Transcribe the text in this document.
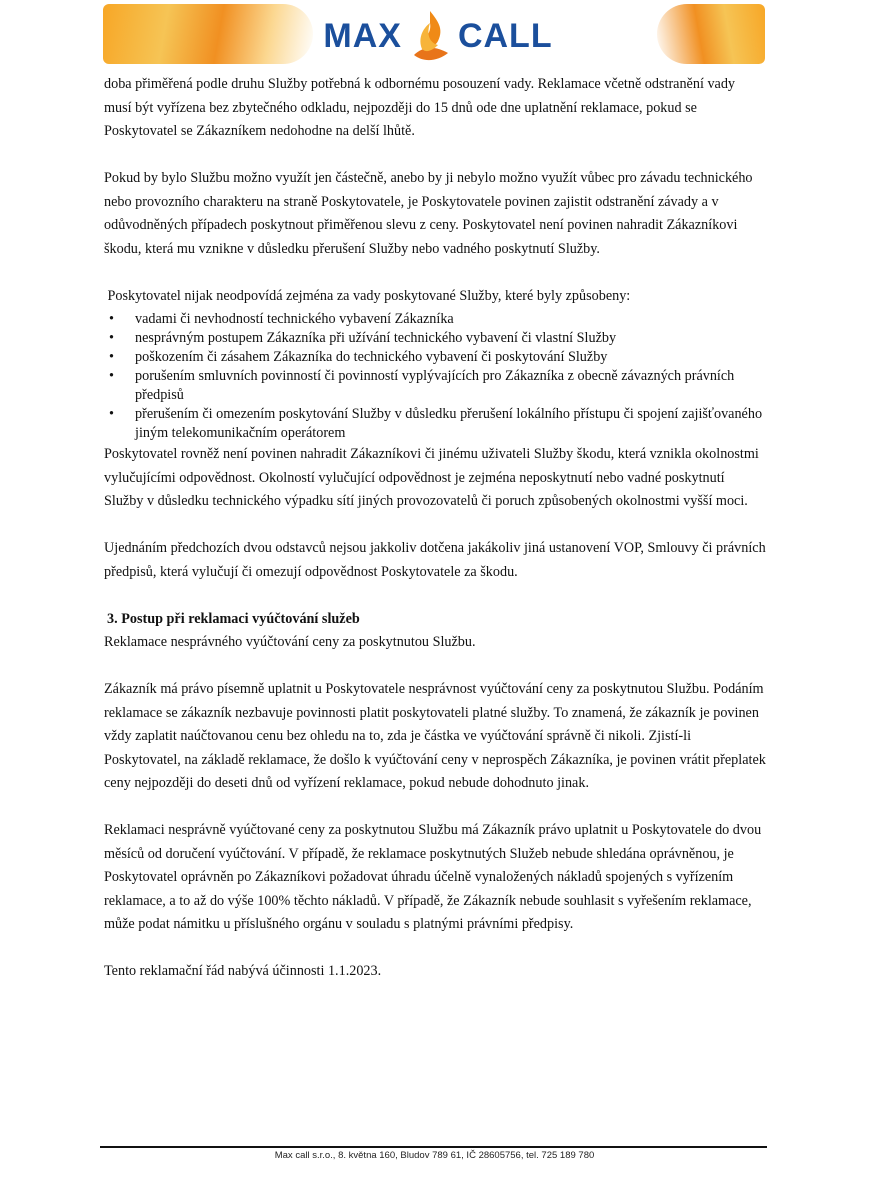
MAX CALL

doba přiměřená podle druhu Služby potřebná k odbornému posouzení vady. Reklamace včetně odstranění vady musí být vyřízena bez zbytečného odkladu, nejpozději do 15 dnů ode dne uplatnění reklamace, pokud se Poskytovatel se Zákazníkem nedohodne na delší lhůtě.

Pokud by bylo Službu možno využít jen částečně, anebo by ji nebylo možno využít vůbec pro závadu technického nebo provozního charakteru na straně Poskytovatele, je Poskytovatele povinen zajistit odstranění závady a v odůvodněných případech poskytnout přiměřenou slevu z ceny. Poskytovatel není povinen nahradit Zákazníkovi škodu, která mu vznikne v důsledku přerušení Služby nebo vadného poskytnutí Služby.

Poskytovatel nijak neodpovídá zejména za vady poskytované Služby, které byly způsobeny:

• vadami či nevhodností technického vybavení Zákazníka
• nesprávným postupem Zákazníka při užívání technického vybavení či vlastní Služby
• poškozením či zásahem Zákazníka do technického vybavení či poskytování Služby
• porušením smluvních povinností či povinností vyplývajících pro Zákazníka z obecně závazných právních předpisů
• přerušením či omezením poskytování Služby v důsledku přerušení lokálního přístupu či spojení zajišťovaného jiným telekomunikačním operátorem

Poskytovatel rovněž není povinen nahradit Zákazníkovi či jinému uživateli Služby škodu, která vznikla okolnostmi vylučujícími odpovědnost. Okolností vylučující odpovědnost je zejména neposkytnutí nebo vadné poskytnutí Služby v důsledku technického výpadku sítí jiných provozovatelů či poruch způsobených okolnostmi vyšší moci.

Ujednáním předchozích dvou odstavců nejsou jakkoliv dotčena jakákoliv jiná ustanovení VOP, Smlouvy či právních předpisů, která vylučují či omezují odpovědnost Poskytovatele za škodu.

3. Postup při reklamaci vyúčtování služeb

Reklamace nesprávného vyúčtování ceny za poskytnutou Službu.

Zákazník má právo písemně uplatnit u Poskytovatele nesprávnost vyúčtování ceny za poskytnutou Službu. Podáním reklamace se zákazník nezbavuje povinnosti platit poskytovateli platné služby. To znamená, že zákazník je povinen vždy zaplatit naúčtovanou cenu bez ohledu na to, zda je částka ve vyúčtování správně či nikoli. Zjistí-li Poskytovatel, na základě reklamace, že došlo k vyúčtování ceny v neprospěch Zákazníka, je povinen vrátit přeplatek ceny nejpozději do deseti dnů od vyřízení reklamace, pokud nebude dohodnuto jinak.

Reklamaci nesprávně vyúčtované ceny za poskytnutou Službu má Zákazník právo uplatnit u Poskytovatele do dvou měsíců od doručení vyúčtování. V případě, že reklamace poskytnutých Služeb nebude shledána oprávněnou, je Poskytovatel oprávněn po Zákazníkovi požadovat úhradu účelně vynaložených nákladů spojených s vyřízením reklamace, a to až do výše 100% těchto nákladů. V případě, že Zákazník nebude souhlasit s vyřešením reklamace, může podat námitku u příslušného orgánu v souladu s platnými právními předpisy.

Tento reklamační řád nabývá účinnosti 1.1.2023.

Max call s.r.o., 8. května 160, Bludov 789 61, IČ 28605756, tel. 725 189 780
